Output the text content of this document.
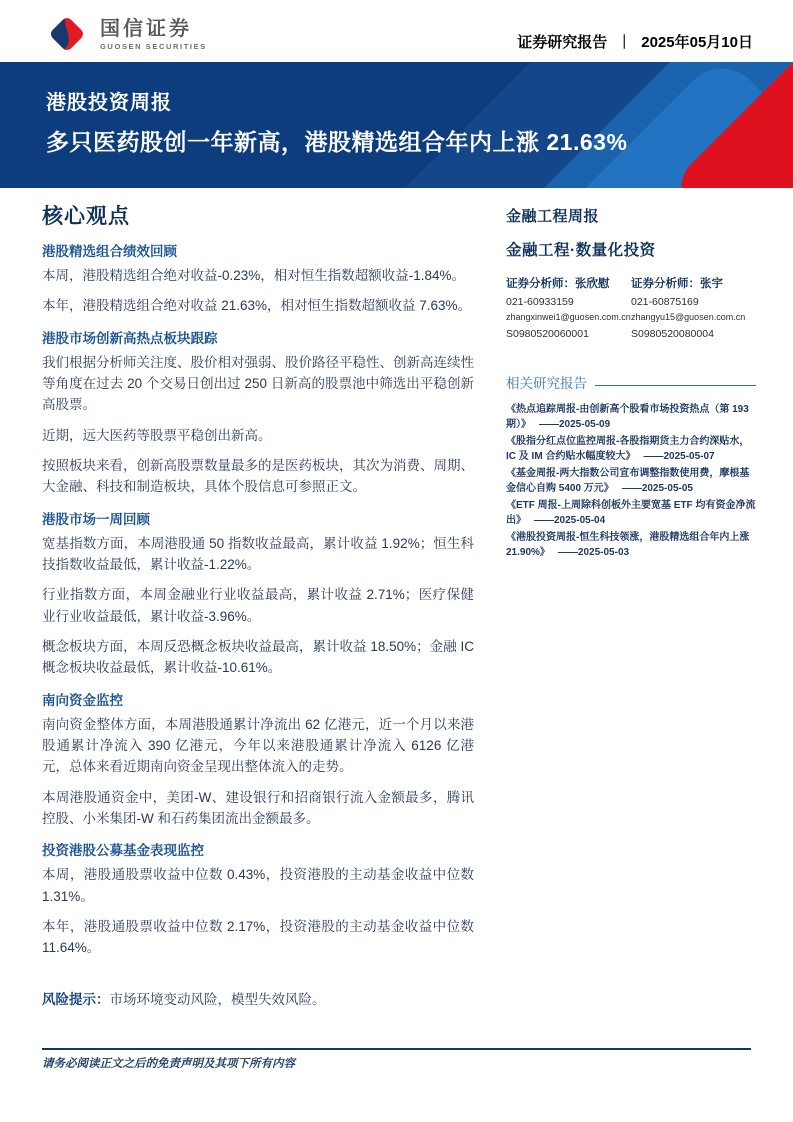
国信证券
GUOSEN SECURITIES	证券研究报告 ｜ 2025年05月10日
港股投资周报
多只医药股创一年新高，港股精选组合年内上涨 21.63%
核心观点
港股精选组合绩效回顾

本周，港股精选组合绝对收益-0.23%，相对恒生指数超额收益-1.84%。

本年，港股精选组合绝对收益 21.63%，相对恒生指数超额收益 7.63%。

港股市场创新高热点板块跟踪

我们根据分析师关注度、股价相对强弱、股价路径平稳性、创新高连续性等角度在过去 20 个交易日创出过 250 日新高的股票池中筛选出平稳创新高股票。

近期，远大医药等股票平稳创出新高。

按照板块来看，创新高股票数量最多的是医药板块，其次为消费、周期、大金融、科技和制造板块，具体个股信息可参照正文。

港股市场一周回顾

宽基指数方面，本周港股通 50 指数收益最高，累计收益 1.92%；恒生科技指数收益最低，累计收益-1.22%。

行业指数方面，本周金融业行业收益最高，累计收益 2.71%；医疗保健业行业收益最低，累计收益-3.96%。

概念板块方面，本周反恐概念板块收益最高，累计收益 18.50%；金融 IC 概念板块收益最低，累计收益-10.61%。

南向资金监控

南向资金整体方面，本周港股通累计净流出 62 亿港元，近一个月以来港股通累计净流入 390 亿港元，今年以来港股通累计净流入 6126 亿港元，总体来看近期南向资金呈现出整体流入的走势。

本周港股通资金中，美团-W、建设银行和招商银行流入金额最多，腾讯控股、小米集团-W 和石药集团流出金额最多。

投资港股公募基金表现监控

本周，港股通股票收益中位数 0.43%，投资港股的主动基金收益中位数 1.31%。

本年，港股通股票收益中位数 2.17%，投资港股的主动基金收益中位数 11.64%。

风险提示：市场环境变动风险，模型失效风险。
金融工程周报
金融工程·数量化投资
证券分析师：张欣慰
021-60933159
zhangxinwei1@guosen.com.cn
S0980520060001
证券分析师：张宇
021-60875169
zhangyu15@guosen.com.cn
S0980520080004
相关研究报告

《热点追踪周报-由创新高个股看市场投资热点（第 193 期）》 ——2025-05-09

《股指分红点位监控周报-各股指期货主力合约深贴水，IC 及 IM 合约贴水幅度较大》 ——2025-05-07

《基金周报-两大指数公司宣布调整指数使用费，摩根基金信心自购 5400 万元》 ——2025-05-05

《ETF 周报-上周除科创板外主要宽基 ETF 均有资金净流出》 ——2025-05-04

《港股投资周报-恒生科技领涨，港股精选组合年内上涨 21.90%》 ——2025-05-03

请务必阅读正文之后的免责声明及其项下所有内容
